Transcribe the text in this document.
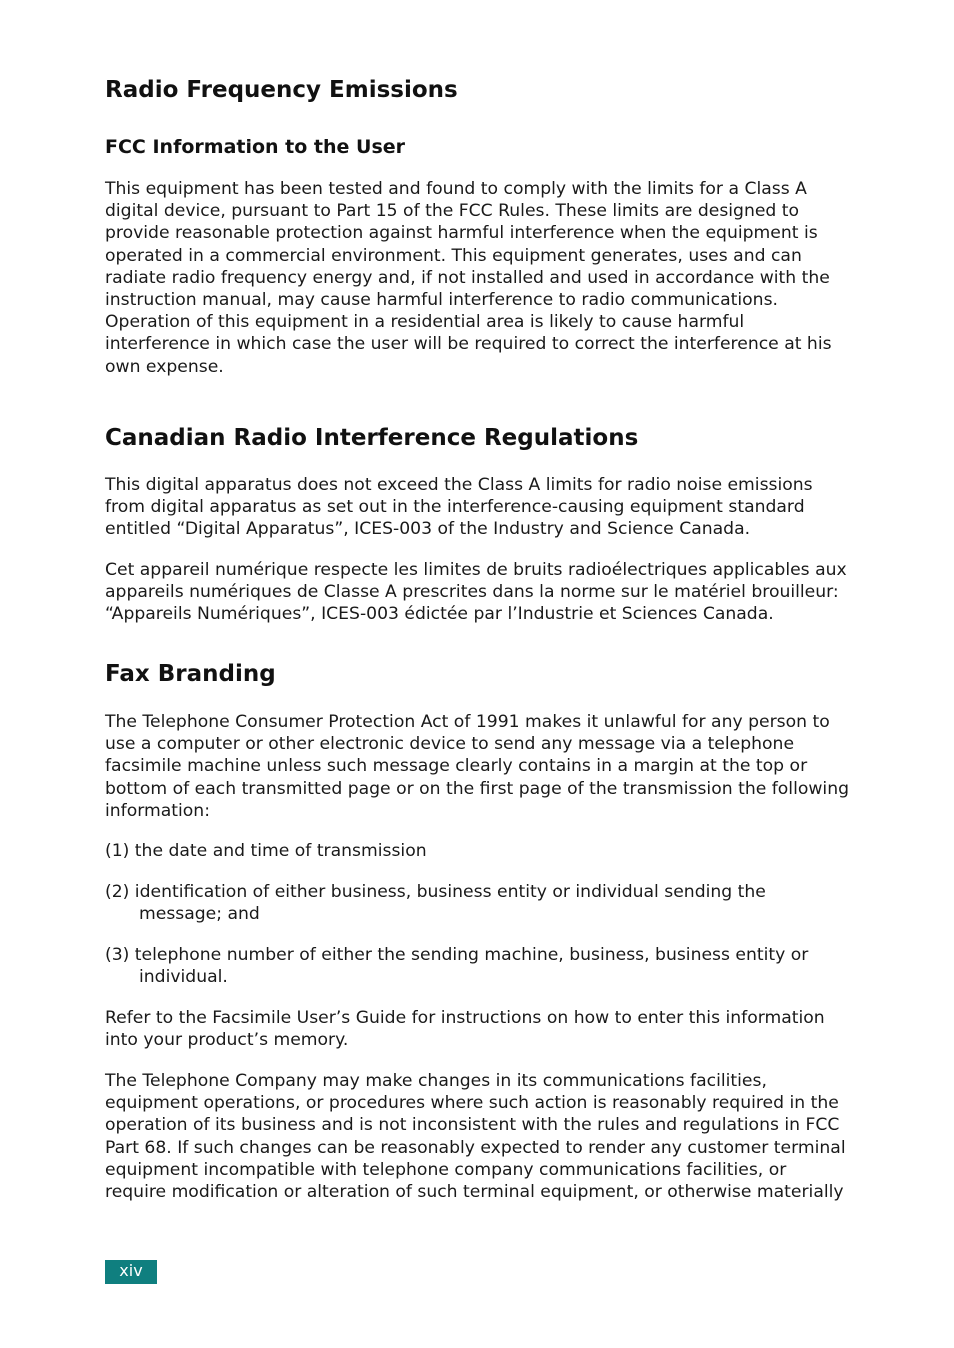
Radio Frequency Emissions
FCC Information to the User

This equipment has been tested and found to comply with the limits for a Class A digital device, pursuant to Part 15 of the FCC Rules. These limits are designed to provide reasonable protection against harmful interference when the equipment is operated in a commercial environment. This equipment generates, uses and can radiate radio frequency energy and, if not installed and used in accordance with the instruction manual, may cause harmful interference to radio communications. Operation of this equipment in a residential area is likely to cause harmful interference in which case the user will be required to correct the interference at his own expense.

Canadian Radio Interference Regulations

This digital apparatus does not exceed the Class A limits for radio noise emissions from digital apparatus as set out in the interference-causing equipment standard entitled “Digital Apparatus”, ICES-003 of the Industry and Science Canada.

Cet appareil numérique respecte les limites de bruits radioélectriques applicables aux appareils numériques de Classe A prescrites dans la norme sur le matériel brouilleur: “Appareils Numériques”, ICES-003 édictée par l’Industrie et Sciences Canada.

Fax Branding

The Telephone Consumer Protection Act of 1991 makes it unlawful for any person to use a computer or other electronic device to send any message via a telephone facsimile machine unless such message clearly contains in a margin at the top or bottom of each transmitted page or on the first page of the transmission the following information:

(1) the date and time of transmission

(2) identification of either business, business entity or individual sending the message; and

(3) telephone number of either the sending machine, business, business entity or individual.

Refer to the Facsimile User’s Guide for instructions on how to enter this information into your product’s memory.

The Telephone Company may make changes in its communications facilities, equipment operations, or procedures where such action is reasonably required in the operation of its business and is not inconsistent with the rules and regulations in FCC Part 68. If such changes can be reasonably expected to render any customer terminal equipment incompatible with telephone company communications facilities, or require modification or alteration of such terminal equipment, or otherwise materially

xiv
